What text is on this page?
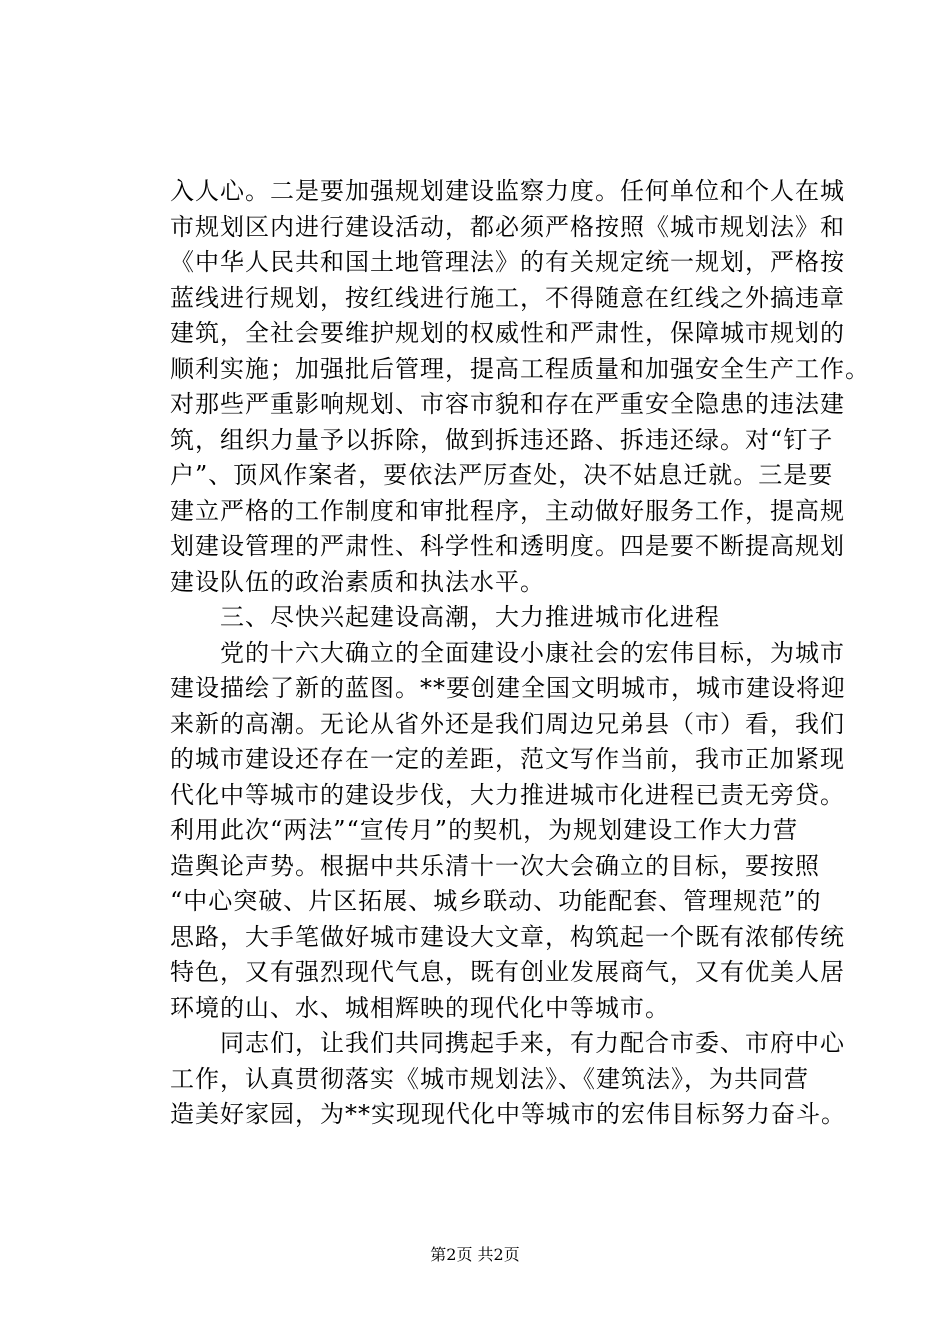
入人心。二是要加强规划建设监察力度。任何单位和个人在城
市规划区内进行建设活动，都必须严格按照《城市规划法》和
《中华人民共和国土地管理法》的有关规定统一规划，严格按
蓝线进行规划，按红线进行施工，不得随意在红线之外搞违章
建筑，全社会要维护规划的权威性和严肃性，保障城市规划的
顺利实施；加强批后管理，提高工程质量和加强安全生产工作。
对那些严重影响规划、市容市貌和存在严重安全隐患的违法建
筑，组织力量予以拆除，做到拆违还路、拆违还绿。对“钉子
户”、顶风作案者，要依法严厉查处，决不姑息迁就。三是要
建立严格的工作制度和审批程序，主动做好服务工作，提高规
划建设管理的严肃性、科学性和透明度。四是要不断提高规划
建设队伍的政治素质和执法水平。
　　三、尽快兴起建设高潮，大力推进城市化进程
　　党的十六大确立的全面建设小康社会的宏伟目标，为城市
建设描绘了新的蓝图。**要创建全国文明城市，城市建设将迎
来新的高潮。无论从省外还是我们周边兄弟县（市）看，我们
的城市建设还存在一定的差距，范文写作当前，我市正加紧现
代化中等城市的建设步伐，大力推进城市化进程已责无旁贷。
利用此次“两法”“宣传月”的契机，为规划建设工作大力营
造舆论声势。根据中共乐清十一次大会确立的目标，要按照
“中心突破、片区拓展、城乡联动、功能配套、管理规范”的
思路，大手笔做好城市建设大文章，构筑起一个既有浓郁传统
特色，又有强烈现代气息，既有创业发展商气，又有优美人居
环境的山、水、城相辉映的现代化中等城市。
　　同志们，让我们共同携起手来，有力配合市委、市府中心
工作，认真贯彻落实《城市规划法》、《建筑法》，为共同营
造美好家园，为**实现现代化中等城市的宏伟目标努力奋斗。
第2页 共2页
